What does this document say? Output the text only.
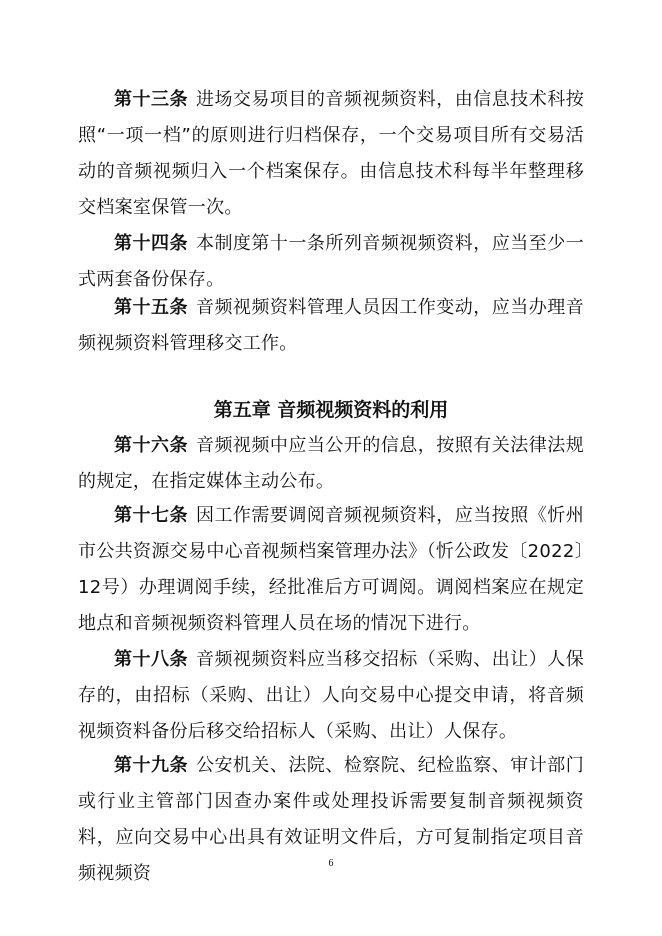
第十三条 进场交易项目的音频视频资料，由信息技术科按照“一项一档”的原则进行归档保存，一个交易项目所有交易活动的音频视频归入一个档案保存。由信息技术科每半年整理移交档案室保管一次。

第十四条 本制度第十一条所列音频视频资料，应当至少一式两套备份保存。

第十五条 音频视频资料管理人员因工作变动，应当办理音频视频资料管理移交工作。

第五章 音频视频资料的利用

第十六条 音频视频中应当公开的信息，按照有关法律法规的规定，在指定媒体主动公布。

第十七条 因工作需要调阅音频视频资料，应当按照《忻州市公共资源交易中心音视频档案管理办法》（忻公政发〔2022〕12号）办理调阅手续，经批准后方可调阅。调阅档案应在规定地点和音频视频资料管理人员在场的情况下进行。

第十八条 音频视频资料应当移交招标（采购、出让）人保存的，由招标（采购、出让）人向交易中心提交申请，将音频视频资料备份后移交给招标人（采购、出让）人保存。

第十九条 公安机关、法院、检察院、纪检监察、审计部门或行业主管部门因查办案件或处理投诉需要复制音频视频资料，应向交易中心出具有效证明文件后，方可复制指定项目音频视频资	6
